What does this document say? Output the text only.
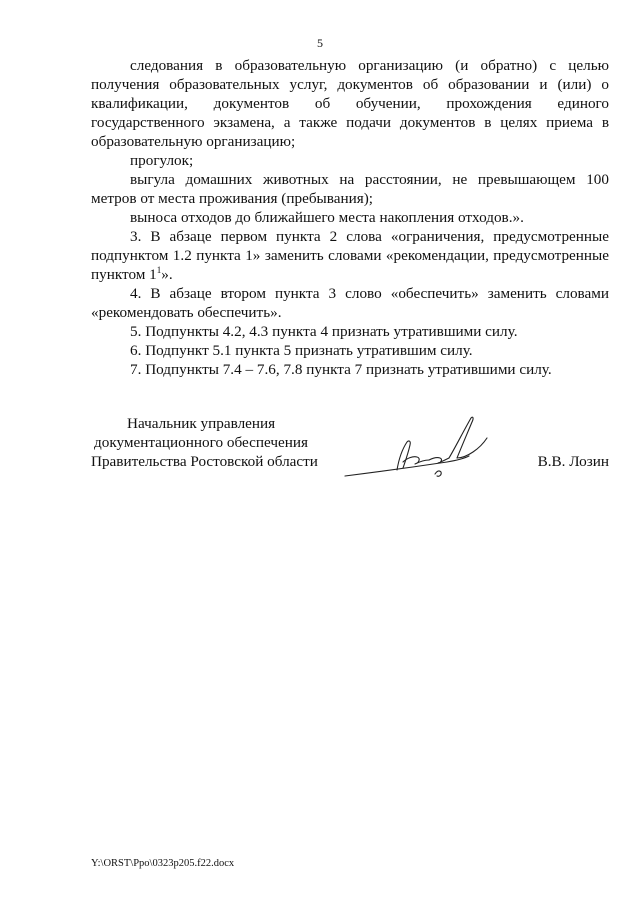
5

следования в образовательную организацию (и обратно) с целью получения образовательных услуг, документов об образовании и (или) о квалификации, документов об обучении, прохождения единого государственного экзамена, а также подачи документов в целях приема в образовательную организацию;

прогулок;

выгула домашних животных на расстоянии, не превышающем 100 метров от места проживания (пребывания);

выноса отходов до ближайшего места накопления отходов.».

3. В абзаце первом пункта 2 слова «ограничения, предусмотренные подпунктом 1.2 пункта 1» заменить словами «рекомендации, предусмотренные пунктом $1^1$».

4. В абзаце втором пункта 3 слово «обеспечить» заменить словами «рекомендовать обеспечить».

5. Подпункты 4.2, 4.3 пункта 4 признать утратившими силу.

6. Подпункт 5.1 пункта 5 признать утратившим силу.

7. Подпункты 7.4 – 7.6, 7.8 пункта 7 признать утратившими силу.

Начальник управления
документационного обеспечения
Правительства Ростовской области	В.В. Лозин
Y:\ORST\Ppo\0323p205.f22.docx
